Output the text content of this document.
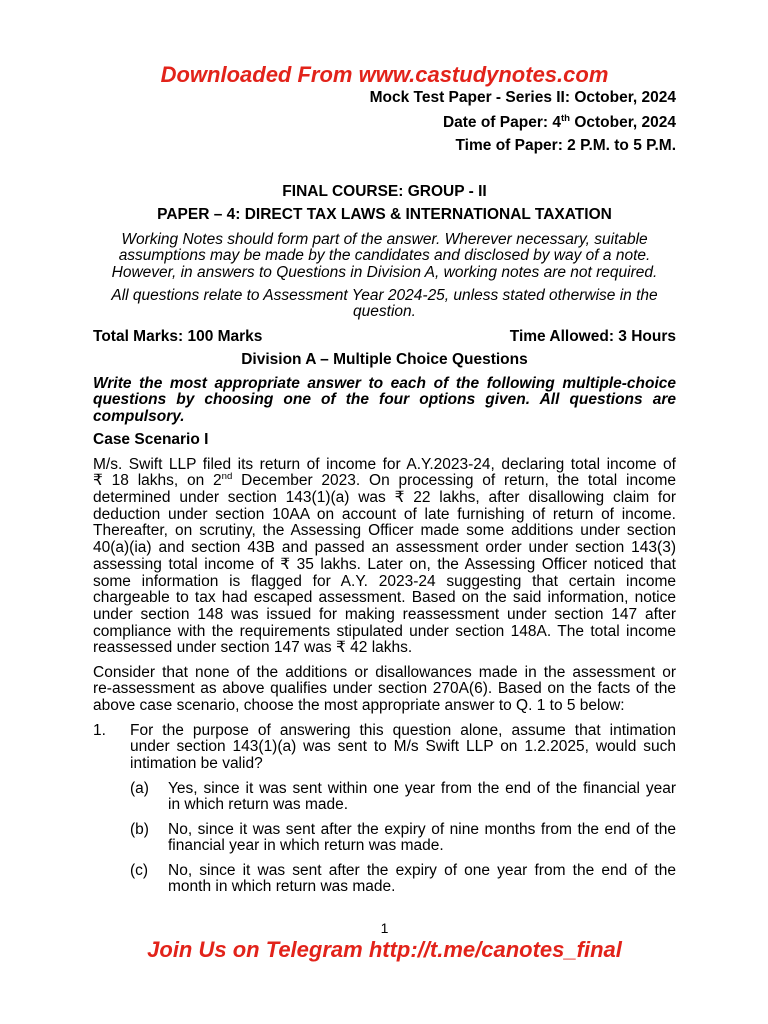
Downloaded From www.castudynotes.com
Mock Test Paper - Series II: October, 2024
Date of Paper: 4th October, 2024
Time of Paper: 2 P.M. to 5 P.M.
FINAL COURSE: GROUP - II
PAPER – 4: DIRECT TAX LAWS & INTERNATIONAL TAXATION
Working Notes should form part of the answer. Wherever necessary, suitable
assumptions may be made by the candidates and disclosed by way of a note.
However, in answers to Questions in Division A, working notes are not required.
All questions relate to Assessment Year 2024-25, unless stated otherwise in the
question.
Total Marks: 100 Marks	Time Allowed: 3 Hours
Division A – Multiple Choice Questions
Write the most appropriate answer to each of the following multiple-choice
questions by choosing one of the four options given. All questions are
compulsory.
Case Scenario I
M/s. Swift LLP filed its return of income for A.Y.2023-24, declaring total income of
₹ 18 lakhs, on 2nd December 2023. On processing of return, the total income
determined under section 143(1)(a) was ₹ 22 lakhs, after disallowing claim for
deduction under section 10AA on account of late furnishing of return of income.
Thereafter, on scrutiny, the Assessing Officer made some additions under section
40(a)(ia) and section 43B and passed an assessment order under section 143(3)
assessing total income of ₹ 35 lakhs. Later on, the Assessing Officer noticed that
some information is flagged for A.Y. 2023-24 suggesting that certain income
chargeable to tax had escaped assessment. Based on the said information, notice
under section 148 was issued for making reassessment under section 147 after
compliance with the requirements stipulated under section 148A. The total income
reassessed under section 147 was ₹ 42 lakhs.
Consider that none of the additions or disallowances made in the assessment or
re-assessment as above qualifies under section 270A(6). Based on the facts of the
above case scenario, choose the most appropriate answer to Q. 1 to 5 below:
1. For the purpose of answering this question alone, assume that intimation
under section 143(1)(a) was sent to M/s Swift LLP on 1.2.2025, would such
intimation be valid?
(a) Yes, since it was sent within one year from the end of the financial year
in which return was made.
(b) No, since it was sent after the expiry of nine months from the end of the
financial year in which return was made.
(c) No, since it was sent after the expiry of one year from the end of the
month in which return was made.
1
Join Us on Telegram http://t.me/canotes_final
